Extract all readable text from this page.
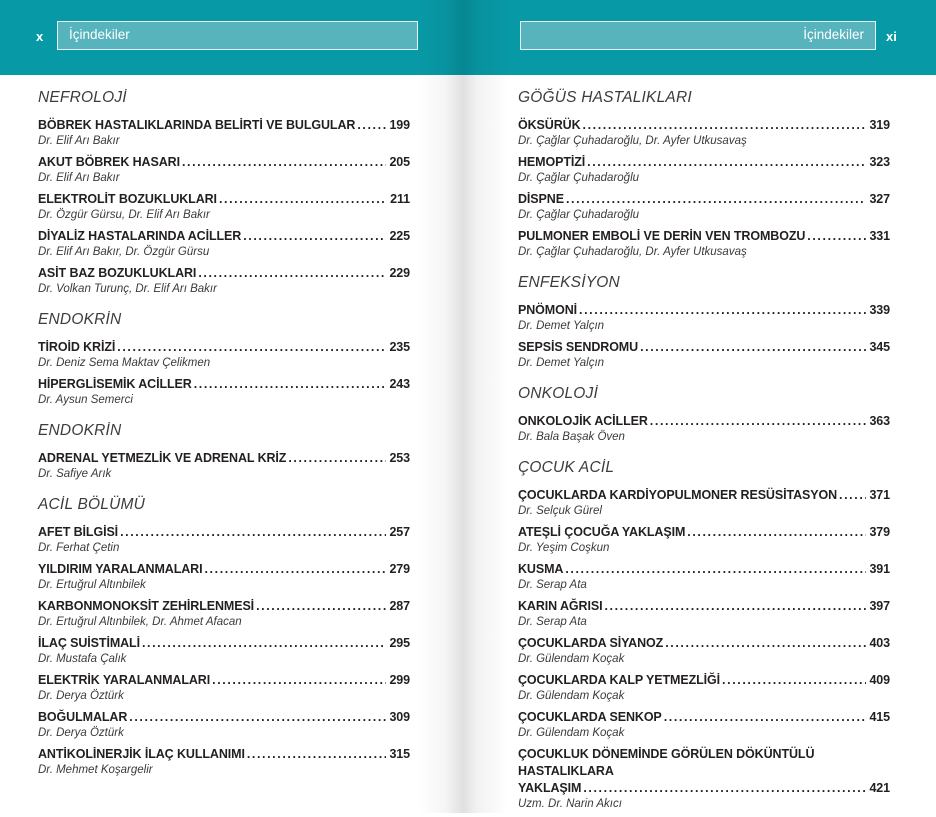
x	İçindekiler	İçindekiler	xi
NEFROLOJİ
BÖBREK HASTALIKLARINDA BELİRTİ VE BULGULAR .....	199
Dr. Elif Arı Bakır
AKUT BÖBREK HASARI .....	205
Dr. Elif Arı Bakır
ELEKTROLİT BOZUKLUKLARI .....	211
Dr. Özgür Gürsu, Dr. Elif Arı Bakır
DİYALİZ HASTALARINDA ACİLLER .....	225
Dr. Elif Arı Bakır, Dr. Özgür Gürsu
ASİT BAZ BOZUKLUKLARI .....	229
Dr. Volkan Turunç, Dr. Elif Arı Bakır
ENDOKRİN
TİROİD KRİZİ .....	235
Dr. Deniz Sema Maktav Çelikmen
HİPERGLİSEMİK ACİLLER .....	243
Dr. Aysun Semerci
ENDOKRİN
ADRENAL YETMEZLİK VE ADRENAL KRİZ .....	253
Dr. Safiye Arık
ACİL BÖLÜMÜ
AFET BİLGİSİ .....	257
Dr. Ferhat Çetin
YILDIRIM YARALANMALARI .....	279
Dr. Ertuğrul Altınbilek
KARBONMONOKSİT ZEHİRLENMESİ .....	287
Dr. Ertuğrul Altınbilek, Dr. Ahmet Afacan
İLAÇ SUİSTİMALİ .....	295
Dr. Mustafa Çalık
ELEKTRİK YARALANMALARI .....	299
Dr. Derya Öztürk
BOĞULMALAR .....	309
Dr. Derya Öztürk
ANTİKOLİNERJİK İLAÇ KULLANIMI .....	315
Dr. Mehmet Koşargelir
GÖĞÜS HASTALIKLARI
ÖKSÜRÜK .....	319
Dr. Çağlar Çuhadaroğlu, Dr. Ayfer Utkusavaş
HEMOPTİZİ .....	323
Dr. Çağlar Çuhadaroğlu
DİSPNE .....	327
Dr. Çağlar Çuhadaroğlu
PULMONER EMBOLİ VE DERİN VEN TROMBOZU .....	331
Dr. Çağlar Çuhadaroğlu, Dr. Ayfer Utkusavaş
ENFEKSİYON
PNÖMONİ .....	339
Dr. Demet Yalçın
SEPSİS SENDROMU .....	345
Dr. Demet Yalçın
ONKOLOJİ
ONKOLOJİK ACİLLER .....	363
Dr. Bala Başak Öven
ÇOCUK ACİL
ÇOCUKLARDA KARDİYOPULMONER RESÜSİTASYON .....	371
Dr. Selçuk Gürel
ATEŞLİ ÇOCUĞA YAKLAŞIM .....	379
Dr. Yeşim Coşkun
KUSMA .....	391
Dr. Serap Ata
KARIN AĞRISI .....	397
Dr. Serap Ata
ÇOCUKLARDA SİYANOZ .....	403
Dr. Gülendam Koçak
ÇOCUKLARDA KALP YETMEZLİĞİ .....	409
Dr. Gülendam Koçak
ÇOCUKLARDA SENKOP .....	415
Dr. Gülendam Koçak
ÇOCUKLUK DÖNEMİNDE GÖRÜLEN DÖKÜNTÜLÜ HASTALIKLARA
YAKLAŞIM .....	421
Uzm. Dr. Narin Akıcı
